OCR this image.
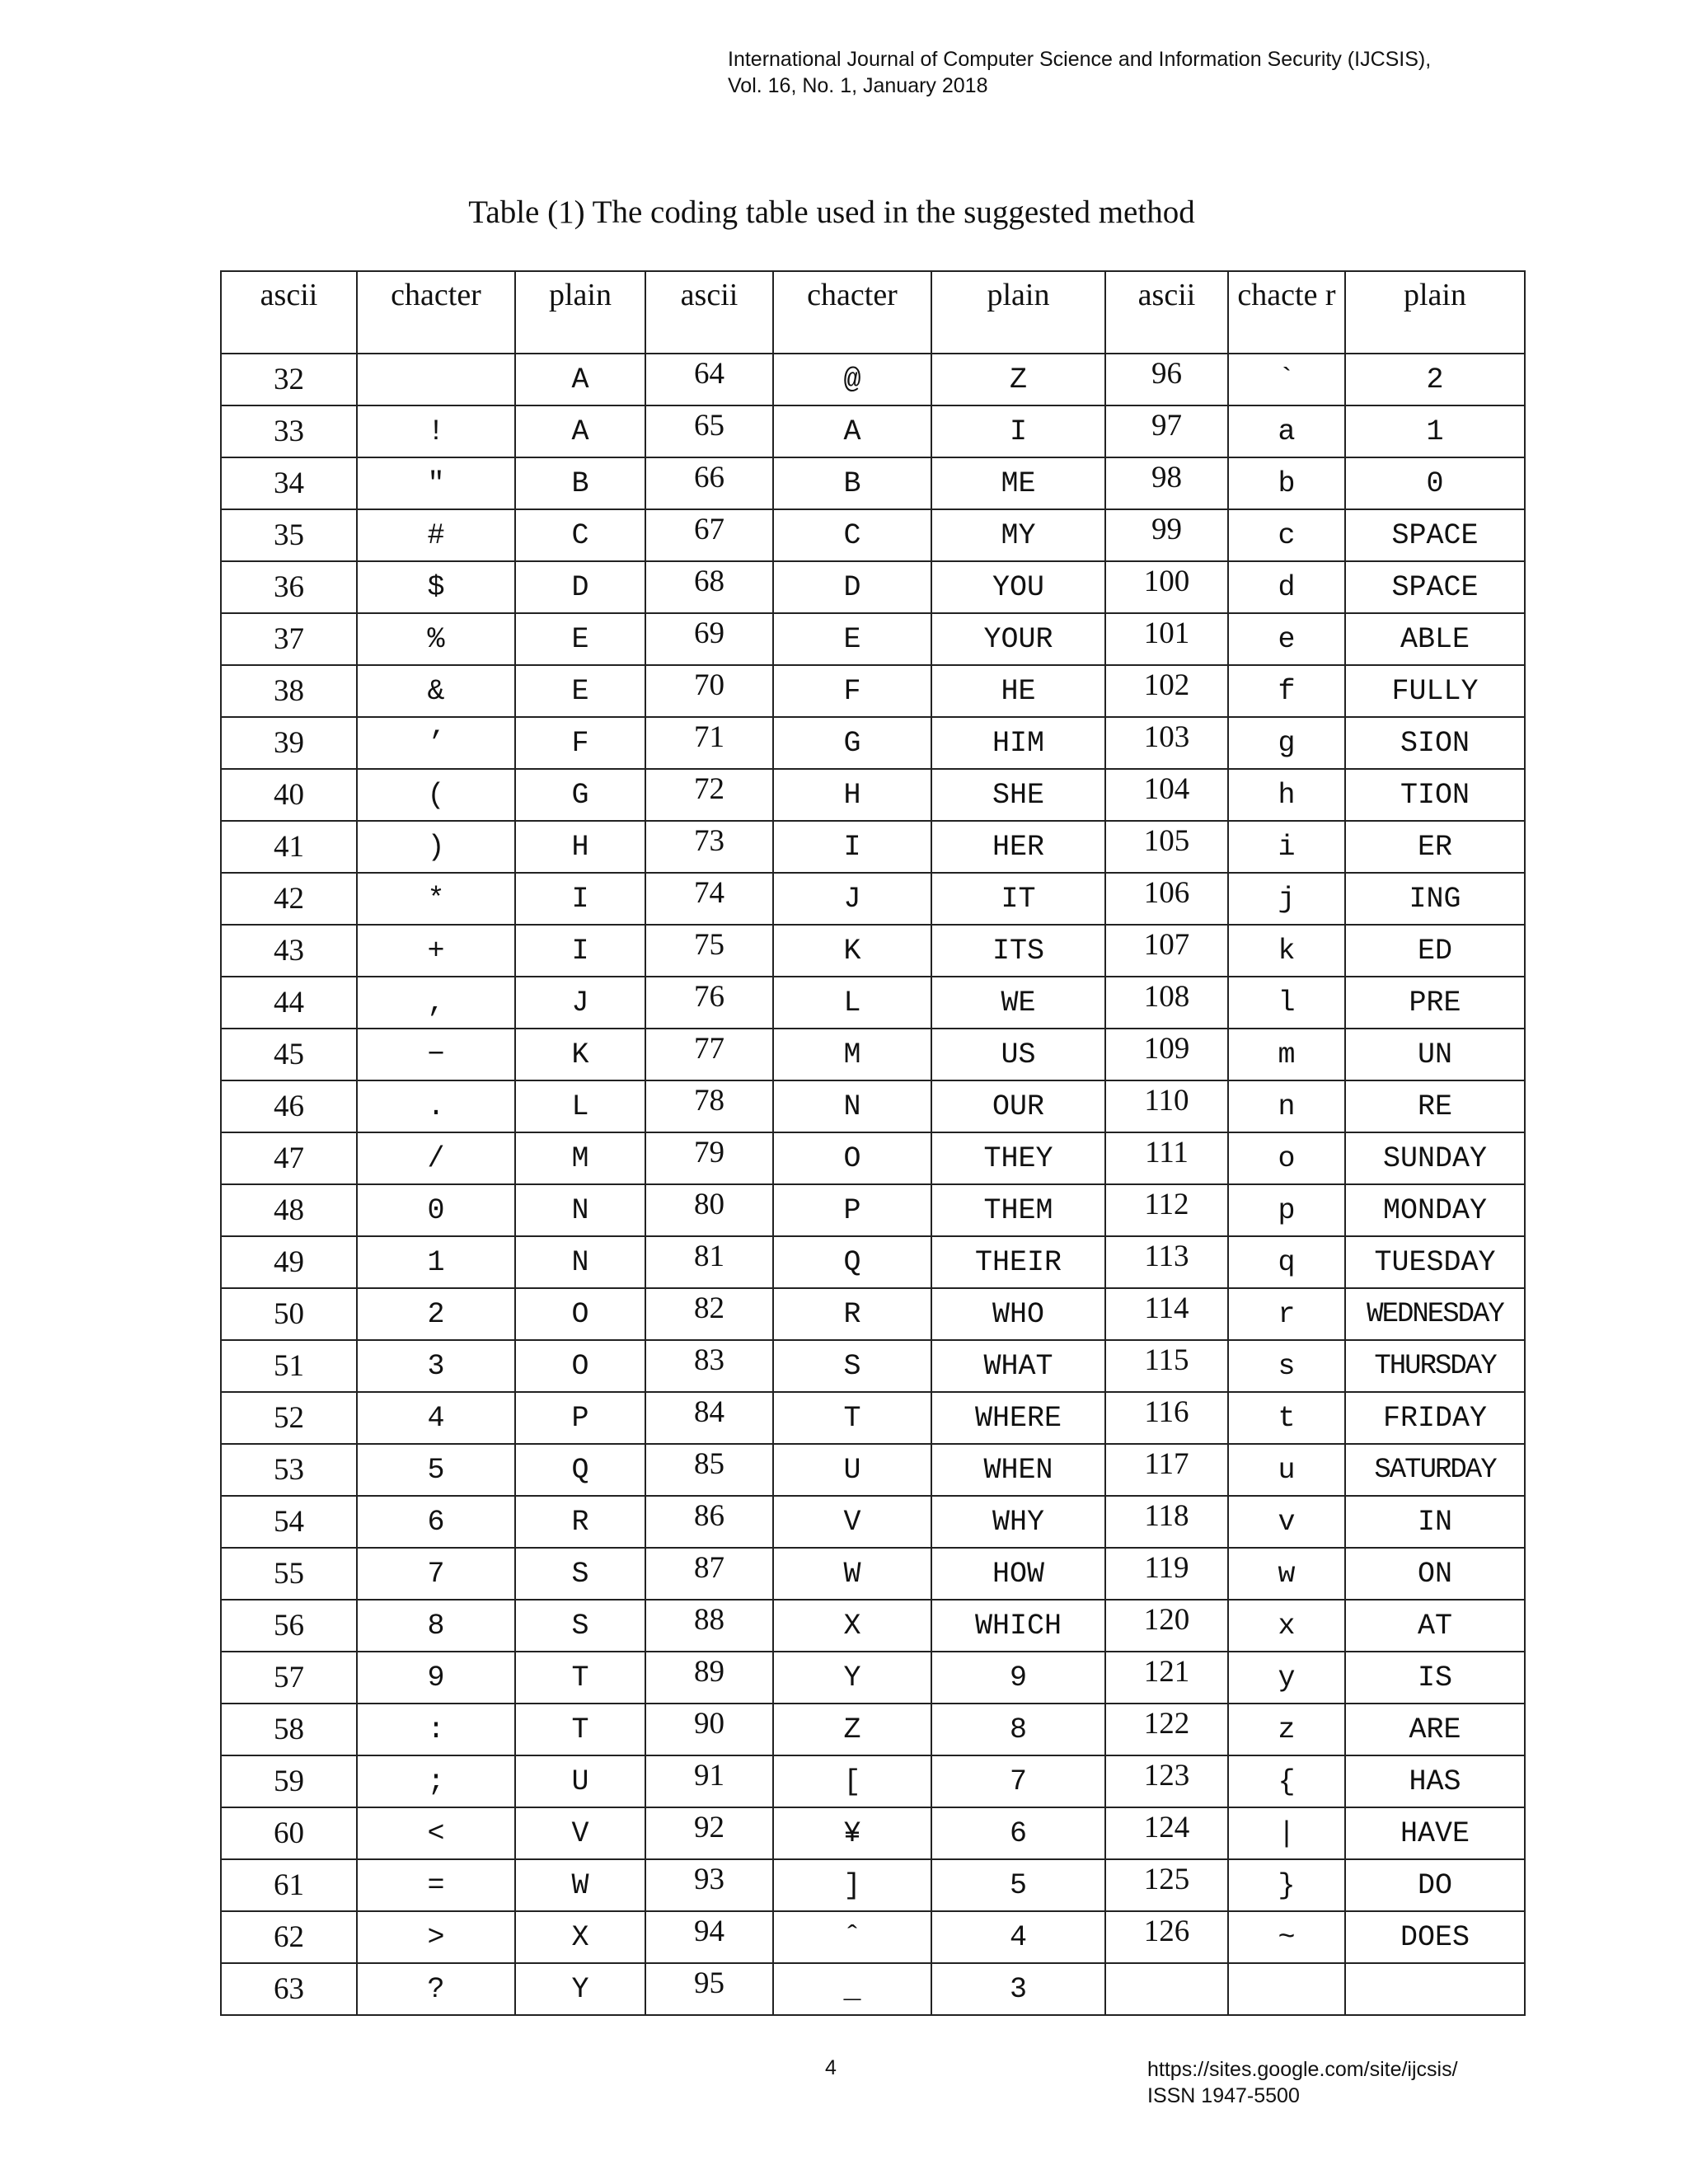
International Journal of Computer Science and Information Security (IJCSIS),
Vol. 16, No. 1, January 2018
Table (1) The coding table used in the suggested method
ascii	chacter	plain	ascii	chacter	plain	ascii	chacte r	plain
32		A	64	@	Z	96	`	2
33	!	A	65	A	I	97	a	1
34	″	B	66	B	ME	98	b	0
35	#	C	67	C	MY	99	c	SPACE
36	$	D	68	D	YOU	100	d	SPACE
37	%	E	69	E	YOUR	101	e	ABLE
38	&	E	70	F	HE	102	f	FULLY
39	’	F	71	G	HIM	103	g	SION
40	(	G	72	H	SHE	104	h	TION
41	)	H	73	I	HER	105	i	ER
42	*	I	74	J	IT	106	j	ING
43	+	I	75	K	ITS	107	k	ED
44	,	J	76	L	WE	108	l	PRE
45	−	K	77	M	US	109	m	UN
46	.	L	78	N	OUR	110	n	RE
47	/	M	79	O	THEY	111	o	SUNDAY
48	0	N	80	P	THEM	112	p	MONDAY
49	1	N	81	Q	THEIR	113	q	TUESDAY
50	2	O	82	R	WHO	114	r	WEDNESDAY
51	3	O	83	S	WHAT	115	s	THURSDAY
52	4	P	84	T	WHERE	116	t	FRIDAY
53	5	Q	85	U	WHEN	117	u	SATURDAY
54	6	R	86	V	WHY	118	v	IN
55	7	S	87	W	HOW	119	w	ON
56	8	S	88	X	WHICH	120	x	AT
57	9	T	89	Y	9	121	y	IS
58	:	T	90	Z	8	122	z	ARE
59	;	U	91	[	7	123	{	HAS
60	<	V	92	¥	6	124	|	HAVE
61	=	W	93	]	5	125	}	DO
62	>	X	94	ˆ	4	126	~	DOES
63	?	Y	95	_	3			
4	https://sites.google.com/site/ijcsis/
ISSN 1947-5500
